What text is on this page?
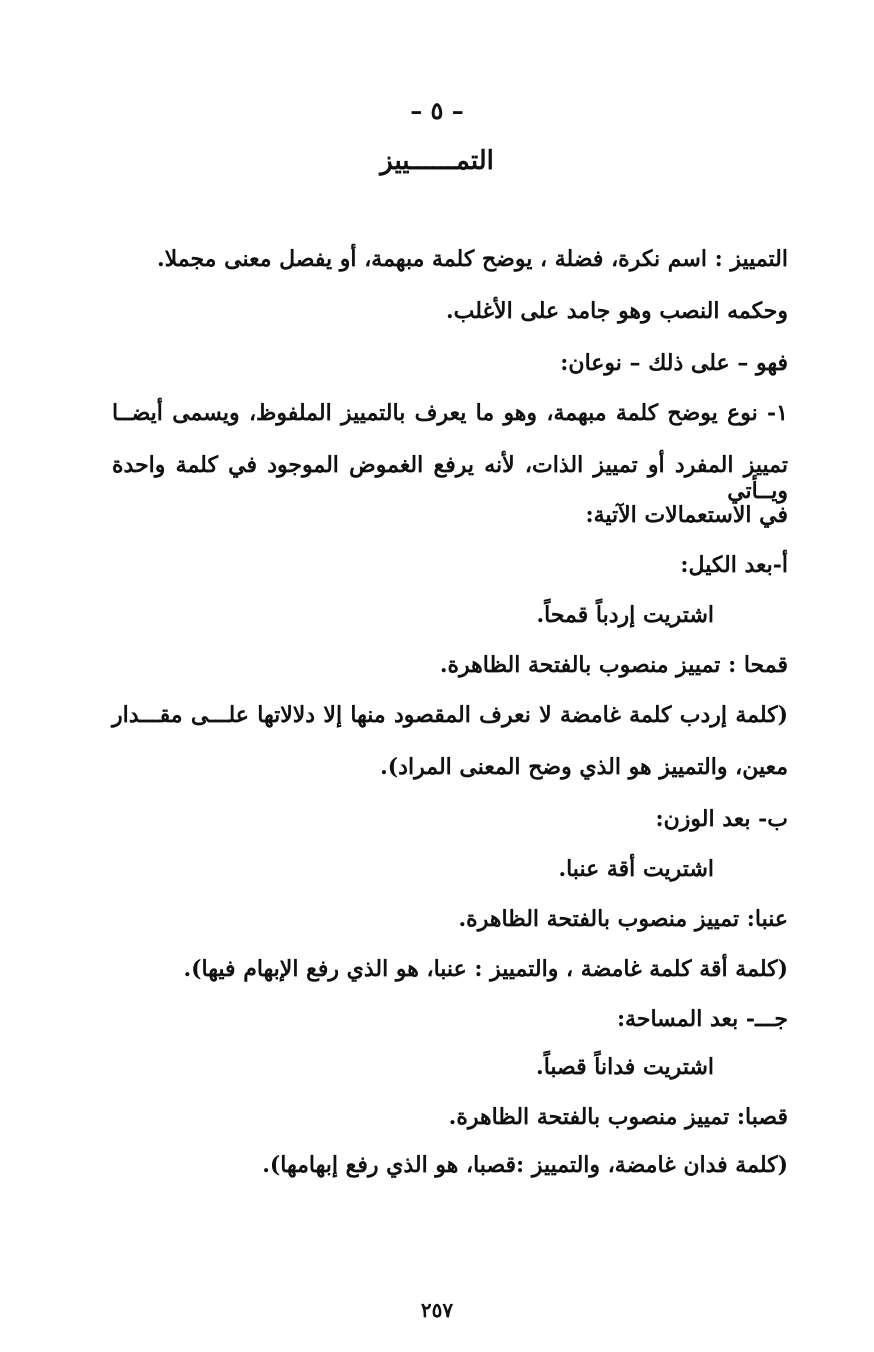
– ٥ –
التمــــــييز
التمييز : اسم نكرة، فضلة ، يوضح كلمة مبهمة، أو يفصل معنى مجملا.
وحكمه النصب وهو جامد على الأغلب.
فهو – على ذلك – نوعان:
١- نوع يوضح كلمة مبهمة، وهو ما يعرف بالتمييز الملفوظ، ويسمى أيضــا
تمييز المفرد أو تمييز الذات، لأنه يرفع الغموض الموجود في كلمة واحدة ويــأتي
في الاستعمالات الآتية:
أ-بعد الكيل:
اشتريت إردباً قمحاً.
قمحا : تمييز منصوب بالفتحة الظاهرة.
(كلمة إردب كلمة غامضة لا نعرف المقصود منها إلا دلالاتها علـــى مقـــدار
معين، والتمييز هو الذي وضح المعنى المراد).
ب- بعد الوزن:
اشتريت أقة عنبا.
عنبا: تمييز منصوب بالفتحة الظاهرة.
(كلمة أقة كلمة غامضة ، والتمييز : عنبا، هو الذي رفع الإبهام فيها).
جـــ- بعد المساحة:
اشتريت فداناً قصباً.
قصبا: تمييز منصوب بالفتحة الظاهرة.
(كلمة فدان غامضة، والتمييز :قصبا، هو الذي رفع إبهامها).
٢٥٧
